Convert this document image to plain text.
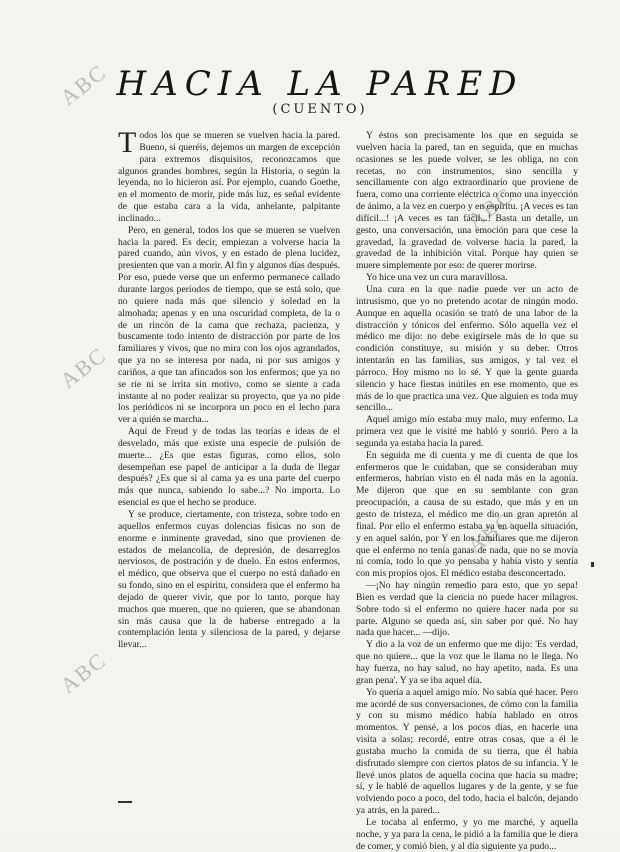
ABC
ABC
ABC
ABC
ABC
HACIA LA PARED
(CUENTO)

Todos los que se mueren se vuelven hacia la pared. Bueno, si queréis, dejemos un margen de excepción para extremos disquisitos, reconozcamos que algunos grandes hombres, según la Historia, o según la leyenda, no lo hicieron así. Por ejemplo, cuando Goethe, en el momento de morir, pide más luz, es señal evidente de que estaba cara a la vida, anhelante, palpitante inclinado...

Pero, en general, todos los que se mueren se vuelven hacia la pared. Es decir, empiezan a volverse hacia la pared cuando, aún vivos, y en estado de plena lucidez, presienten que van a morir. Al fin y algunos días después. Por eso, puede verse que un enfermo permanece callado durante largos períodos de tiempo, que se está solo, que no quiere nada más que silencio y soledad en la almohada; apenas y en una oscuridad completa, de la o de un rincón de la cama que rechaza, pacienza, y buscamente todo intento de distracción por parte de los familiares y vivos, que no mira con los ojos agrandados, que ya no se interesa por nada, ni por sus amigos y cariños, a que tan afincados son los enfermos; que ya no se ríe ni se irrita sin motivo, como se siente a cada instante al no poder realizar su proyecto, que ya no pide los periódicos ni se incorpora un poco en el lecho para ver a quién se marcha...

Aquí de Freud y de todas las teorías e ideas de el desvelado, más que existe una especie de pulsión de muerte... ¿Es que estas figuras, como ellos, solo desempeñan ese papel de anticipar a la duda de llegar después? ¿Es que si al cama ya es una parte del cuerpo más que nunca, sabiendo lo sabe...? No importa. Lo esencial es que el hecho se produce.

Y se produce, ciertamente, con tristeza, sobre todo en aquellos enfermos cuyas dolencias físicas no son de enorme e inminente gravedad, sino que provienen de estados de melancolía, de depresión, de desarreglos nerviosos, de postración y de duelo. En estos enfermos, el médico, que observa que el cuerpo no está dañado en su fondo, sino en el espíritu, considera que el enfermo ha dejado de querer vivir, que por lo tanto, porque hay muchos que mueren, que no quieren, que se abandonan sin más causa que la de haberse entregado a la contemplación lenta y silenciosa de la pared, y dejarse llevar...

Y éstos son precisamente los que en seguida se vuelven hacia la pared, tan en seguida, que en muchas ocasiones se les puede volver, se les obliga, no con recetas, no con instrumentos, sino sencilla y sencillamente con algo extraordinario que proviene de fuera, como una corriente eléctrica o como una inyección de ánimo, a la vez en cuerpo y en espíritu. ¡A veces es tan difícil...! ¡A veces es tan fácil...! Basta un detalle, un gesto, una conversación, una emoción para que cese la gravedad, la gravedad de volverse hacia la pared, la gravedad de la inhibición vital. Porque hay quien se muere simplemente por eso: de querer morirse.

Yo hice una vez un cura maravillosa.

Una cura en la que nadie puede ver un acto de intrusismo, que yo no pretendo acotar de ningún modo. Aunque en aquella ocasión se trató de una labor de la distracción y tónicos del enfermo. Sólo aquella vez el médico me dijo: no debe exigírsele más de lo que su condición constituye, su misión y su deber. Otros intentarán en las familias, sus amigos, y tal vez el párroco. Hoy mismo no lo sé. Y que la gente guarda silencio y hace fiestas inútiles en ese momento, que es más de lo que practica una vez. Que alguien es toda muy sencillo...

Aquel amigo mío estaba muy malo, muy enfermo. La primera vez que le visité me habló y sonrió. Pero a la segunda ya estaba hacia la pared.

En seguida me di cuenta y me di cuenta de que los enfermeros que le cuidaban, que se consideraban muy enfermeros, habrían visto en él nada más en la agonía. Me dijeron que que en su semblante con gran preocupación, a causa de su estado, que más y en un gesto de tristeza, el médico me dio un gran apretón al final. Por ello el enfermo estaba ya en aquella situación, y en aquel salón, por Y en los familiares que me dijeron que el enfermo no tenía ganas de nada, que no se movía ni comía, todo lo que yo pensaba y había visto y sentía con mis propios ojos. El médico estaba desconcertado.

—¡No hay ningún remedio para esto, que yo sepa! Bien es verdad que la ciencia no puede hacer milagros. Sobre todo si el enfermo no quiere hacer nada por su parte. Alguno se queda así, sin saber por qué. No hay nada que hacer... —dijo.

Y dio a la voz de un enfermo que me dijo: 'Es verdad, que no quiere... que la voz que le llama no le llega. No hay fuerza, no hay salud, no hay apetito, nada. Es una gran pena'. Y ya se iba aquel día.

Yo quería a aquel amigo mío. No sabía qué hacer. Pero me acordé de sus conversaciones, de cómo con la familia y con su mismo médico había hablado en otros momentos. Y pensé, a los pocos días, en hacerle una visita a solas; recordé, entre otras cosas, que a él le gustaba mucho la comida de su tierra, que él había disfrutado siempre con ciertos platos de su infancia. Y le llevé unos platos de aquella cocina que hacía su madre; sí, y le hablé de aquellos lugares y de la gente, y se fue volviendo poco a poco, del todo, hacia el balcón, dejando ya atrás, en la pared...

Le tocaba al enfermo, y yo me marché, y aquella noche, y ya para la cena, le pidió a la familia que le diera de comer, y comió bien, y al día siguiente ya pudo...
